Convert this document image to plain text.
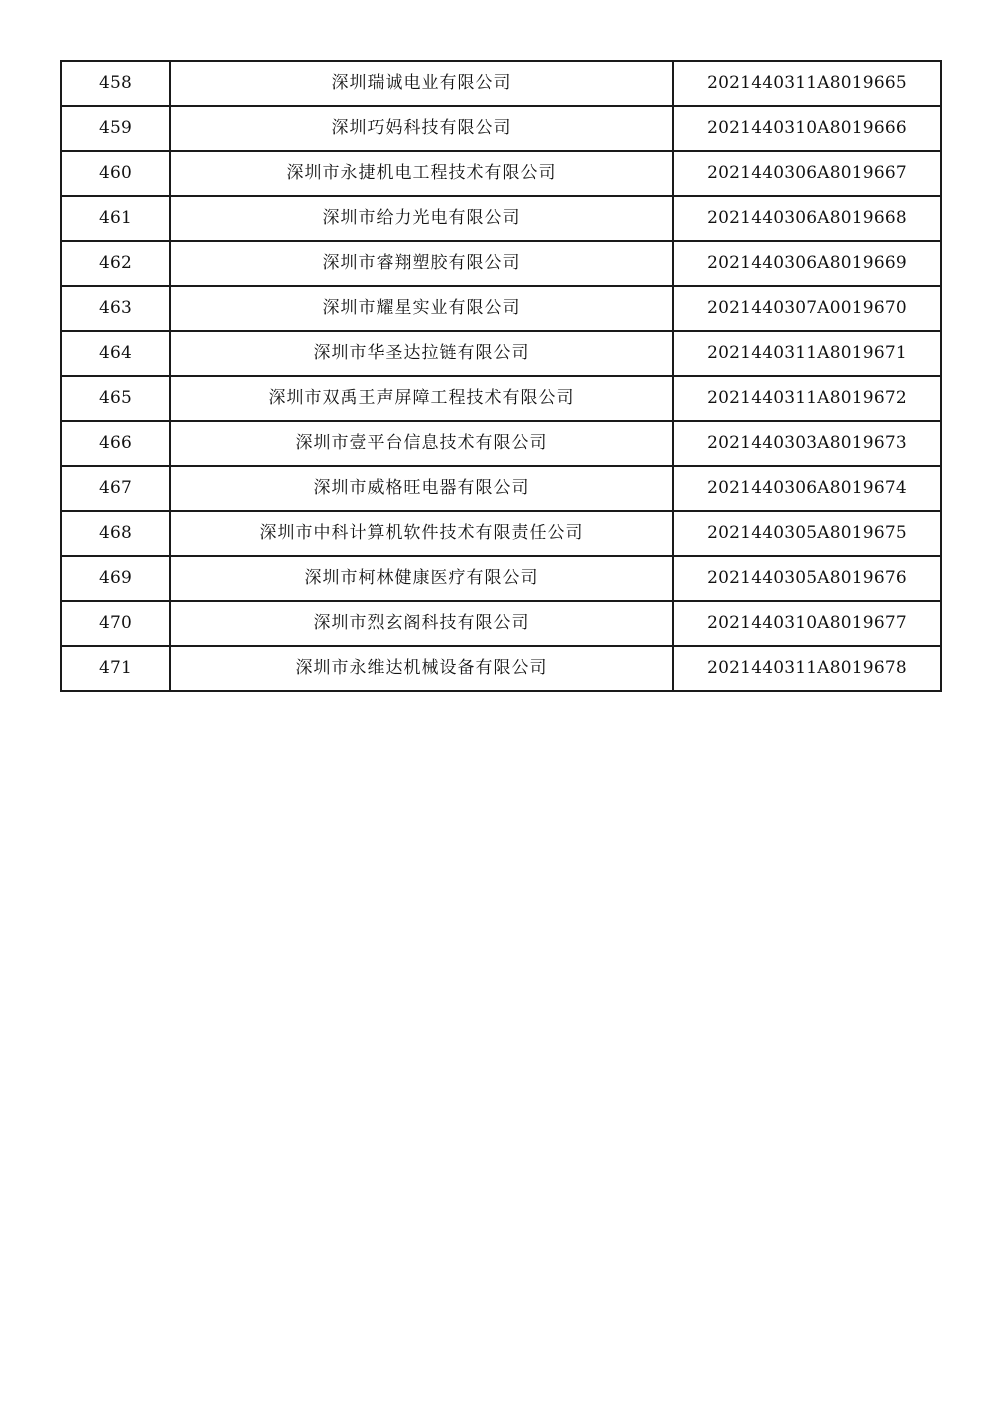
458	深圳瑞诚电业有限公司	2021440311A8019665
459	深圳巧妈科技有限公司	2021440310A8019666
460	深圳市永捷机电工程技术有限公司	2021440306A8019667
461	深圳市给力光电有限公司	2021440306A8019668
462	深圳市睿翔塑胶有限公司	2021440306A8019669
463	深圳市耀星实业有限公司	2021440307A0019670
464	深圳市华圣达拉链有限公司	2021440311A8019671
465	深圳市双禹王声屏障工程技术有限公司	2021440311A8019672
466	深圳市壹平台信息技术有限公司	2021440303A8019673
467	深圳市威格旺电器有限公司	2021440306A8019674
468	深圳市中科计算机软件技术有限责任公司	2021440305A8019675
469	深圳市柯林健康医疗有限公司	2021440305A8019676
470	深圳市烈玄阁科技有限公司	2021440310A8019677
471	深圳市永维达机械设备有限公司	2021440311A8019678
